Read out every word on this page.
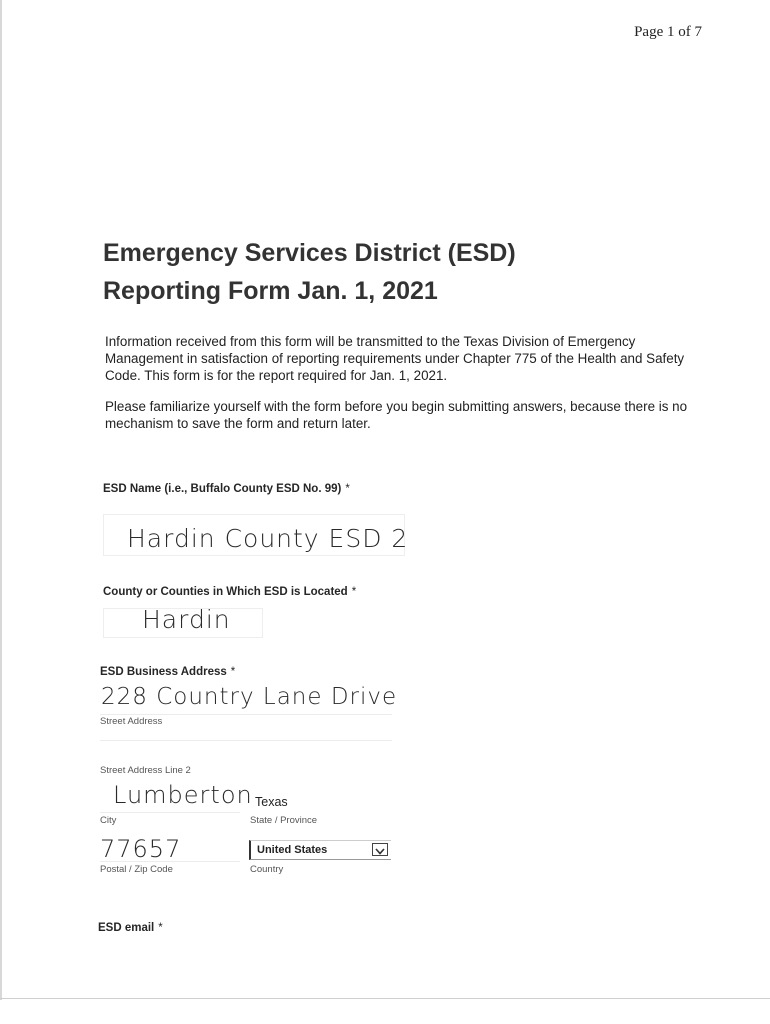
Page 1 of 7
Emergency Services District (ESD)
Reporting Form Jan. 1, 2021

Information received from this form will be transmitted to the Texas Division of Emergency Management in satisfaction of reporting requirements under Chapter 775 of the Health and Safety Code. This form is for the report required for Jan. 1, 2021.

Please familiarize yourself with the form before you begin submitting answers, because there is no mechanism to save the form and return later.

ESD Name (i.e., Buffalo County ESD No. 99) *
Hardin County ESD 2
County or Counties in Which ESD is Located *
Hardin
ESD Business Address *
228 Country Lane Drive
Street Address
Street Address Line 2
Lumberton
City
Texas
State / Province
77657
Postal / Zip Code
United States
Country
ESD email *
